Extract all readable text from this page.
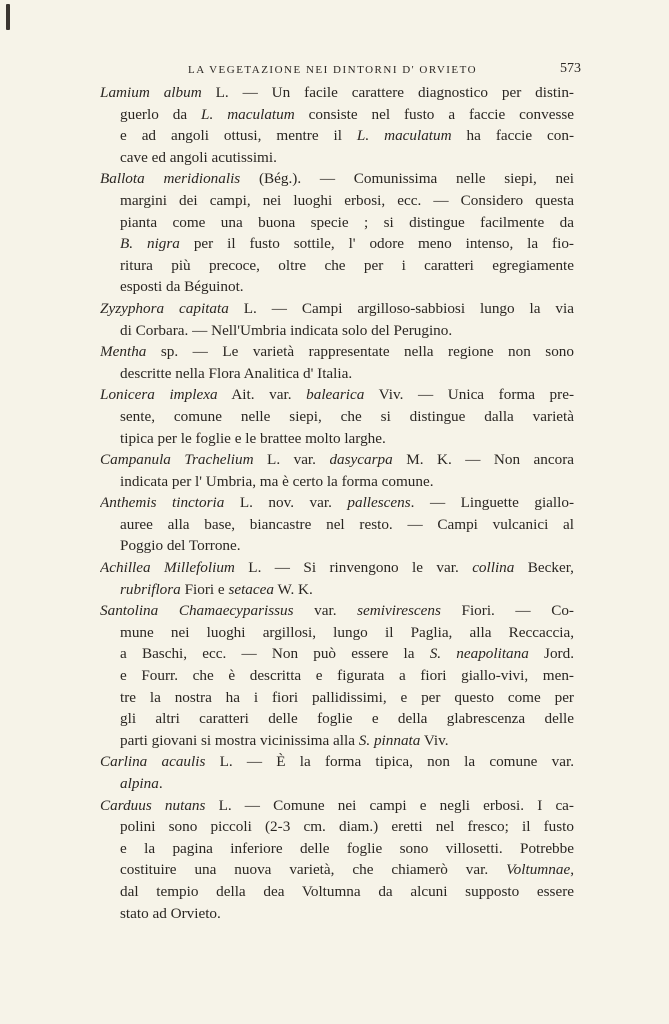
LA VEGETAZIONE NEI DINTORNI D' ORVIETO	573
Lamium album L. — Un facile carattere diagnostico per distin-
guerlo da L. maculatum consiste nel fusto a faccie convesse
e ad angoli ottusi, mentre il L. maculatum ha faccie con-
cave ed angoli acutissimi.
Ballota meridionalis (Bég.). — Comunissima nelle siepi, nei
margini dei campi, nei luoghi erbosi, ecc. — Considero questa
pianta come una buona specie ; si distingue facilmente da
B. nigra per il fusto sottile, l' odore meno intenso, la fio-
ritura più precoce, oltre che per i caratteri egregiamente
esposti da Béguinot.
Zyzyphora capitata L. — Campi argilloso-sabbiosi lungo la via
di Corbara. — Nell'Umbria indicata solo del Perugino.
Mentha sp. — Le varietà rappresentate nella regione non sono
descritte nella Flora Analitica d' Italia.
Lonicera implexa Ait. var. balearica Viv. — Unica forma pre-
sente, comune nelle siepi, che si distingue dalla varietà
tipica per le foglie e le brattee molto larghe.
Campanula Trachelium L. var. dasycarpa M. K. — Non ancora
indicata per l' Umbria, ma è certo la forma comune.
Anthemis tinctoria L. nov. var. pallescens. — Linguette giallo-
auree alla base, biancastre nel resto. — Campi vulcanici al
Poggio del Torrone.
Achillea Millefolium L. — Si rinvengono le var. collina Becker,
rubriflora Fiori e setacea W. K.
Santolina Chamaecyparissus var. semivirescens Fiori. — Co-
mune nei luoghi argillosi, lungo il Paglia, alla Reccaccia,
a Baschi, ecc. — Non può essere la S. neapolitana Jord.
e Fourr. che è descritta e figurata a fiori giallo-vivi, men-
tre la nostra ha i fiori pallidissimi, e per questo come per
gli altri caratteri delle foglie e della glabrescenza delle
parti giovani si mostra vicinissima alla S. pinnata Viv.
Carlina acaulis L. — È la forma tipica, non la comune var.
alpina.
Carduus nutans L. — Comune nei campi e negli erbosi. I ca-
polini sono piccoli (2-3 cm. diam.) eretti nel fresco; il fusto
e la pagina inferiore delle foglie sono villosetti. Potrebbe
costituire una nuova varietà, che chiamerò var. Voltumnae,
dal tempio della dea Voltumna da alcuni supposto essere
stato ad Orvieto.
